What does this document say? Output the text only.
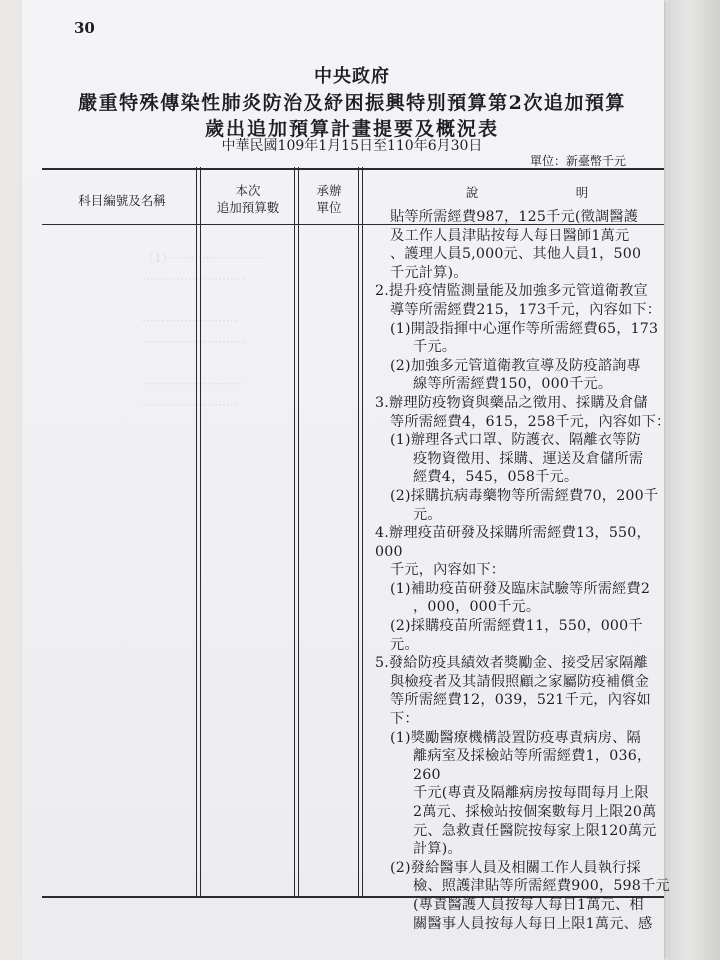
30
中央政府
嚴重特殊傳染性肺炎防治及紓困振興特別預算第2次追加預算
歲出追加預算計畫提要及概況表
中華民國109年1月15日至110年6月30日
單位：新臺幣千元
（1）·························
···························

·························
···························

···························
·························
科目編號及名稱
本次
追加預算數
承辦
單位
說	明

貼等所需經費987，125千元(徵調醫護

及工作人員津貼按每人每日醫師1萬元

、護理人員5,000元、其他人員1，500

千元計算)。

2.提升疫情監測量能及加強多元管道衛教宣

導等所需經費215，173千元，內容如下：

(1)開設指揮中心運作等所需經費65，173

千元。

(2)加強多元管道衛教宣導及防疫諮詢專

線等所需經費150，000千元。

3.辦理防疫物資與藥品之徵用、採購及倉儲

等所需經費4，615，258千元，內容如下：

(1)辦理各式口罩、防護衣、隔離衣等防

疫物資徵用、採購、運送及倉儲所需

經費4，545，058千元。

(2)採購抗病毒藥物等所需經費70，200千

元。

4.辦理疫苗研發及採購所需經費13，550，000

千元，內容如下：

(1)補助疫苗研發及臨床試驗等所需經費2

，000，000千元。

(2)採購疫苗所需經費11，550，000千元。

5.發給防疫具績效者獎勵金、接受居家隔離

與檢疫者及其請假照顧之家屬防疫補償金

等所需經費12，039，521千元，內容如下：

(1)獎勵醫療機構設置防疫專責病房、隔

離病室及採檢站等所需經費1，036，260

千元(專責及隔離病房按每間每月上限

2萬元、採檢站按個案數每月上限20萬

元、急救責任醫院按每家上限120萬元

計算)。

(2)發給醫事人員及相關工作人員執行採

檢、照護津貼等所需經費900，598千元

(專責醫護人員按每人每日1萬元、相

關醫事人員按每人每日上限1萬元、感
